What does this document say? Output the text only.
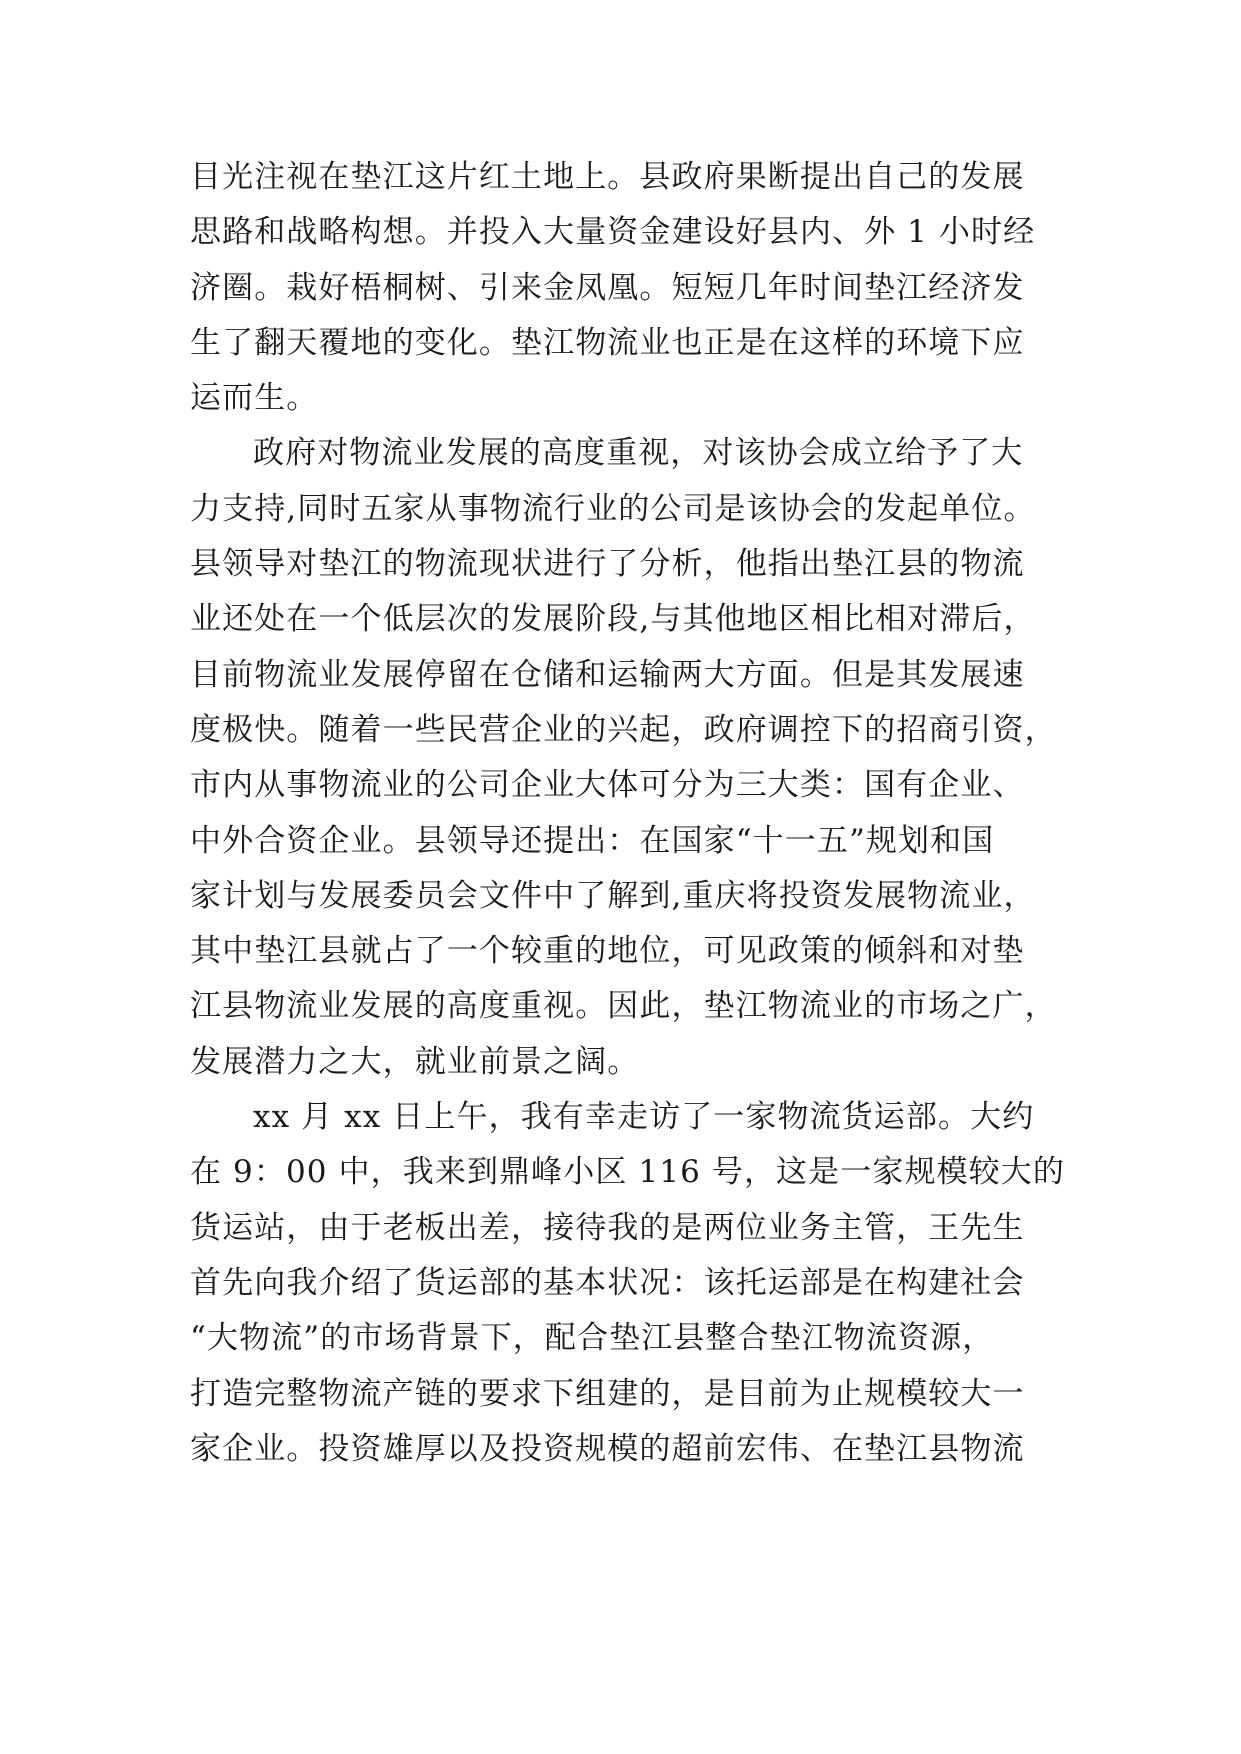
目光注视在垫江这片红土地上。县政府果断提出自己的发展
思路和战略构想。并投入大量资金建设好县内、外 1 小时经
济圈。栽好梧桐树、引来金凤凰。短短几年时间垫江经济发
生了翻天覆地的变化。垫江物流业也正是在这样的环境下应
运而生。
政府对物流业发展的高度重视，对该协会成立给予了大
力支持,同时五家从事物流行业的公司是该协会的发起单位。
县领导对垫江的物流现状进行了分析，他指出垫江县的物流
业还处在一个低层次的发展阶段,与其他地区相比相对滞后，
目前物流业发展停留在仓储和运输两大方面。但是其发展速
度极快。随着一些民营企业的兴起，政府调控下的招商引资，
市内从事物流业的公司企业大体可分为三大类：国有企业、
中外合资企业。县领导还提出：在国家“十一五”规划和国
家计划与发展委员会文件中了解到,重庆将投资发展物流业，
其中垫江县就占了一个较重的地位，可见政策的倾斜和对垫
江县物流业发展的高度重视。因此，垫江物流业的市场之广，
发展潜力之大，就业前景之阔。
xx 月 xx 日上午，我有幸走访了一家物流货运部。大约
在 9：00 中，我来到鼎峰小区 116 号，这是一家规模较大的
货运站，由于老板出差，接待我的是两位业务主管，王先生
首先向我介绍了货运部的基本状况：该托运部是在构建社会
“大物流”的市场背景下，配合垫江县整合垫江物流资源，
打造完整物流产链的要求下组建的，是目前为止规模较大一
家企业。投资雄厚以及投资规模的超前宏伟、在垫江县物流
